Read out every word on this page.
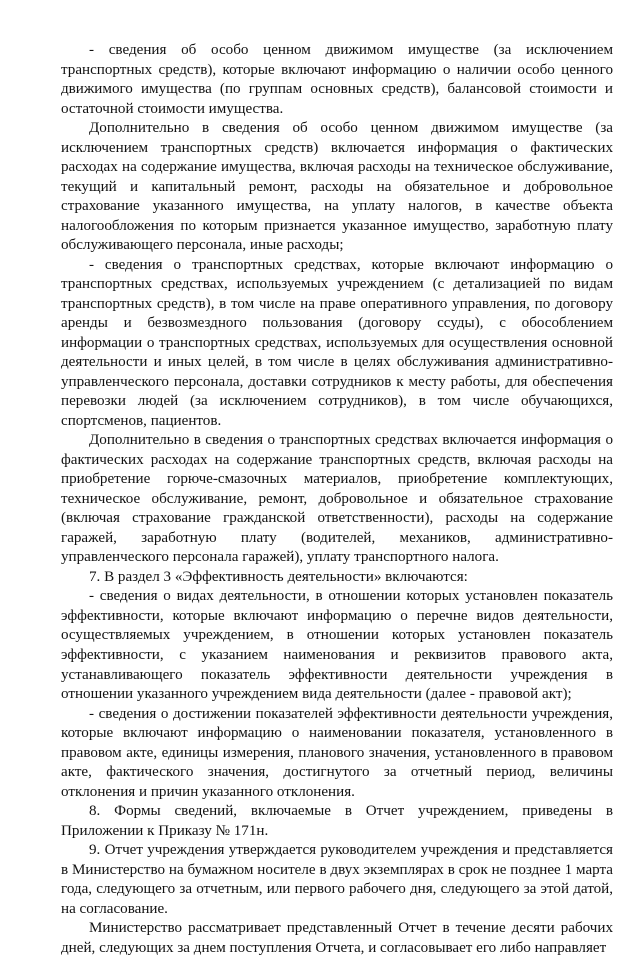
- сведения об особо ценном движимом имуществе (за исключением транспортных средств), которые включают информацию о наличии особо ценного движимого имущества (по группам основных средств), балансовой стоимости и остаточной стоимости имущества.

Дополнительно в сведения об особо ценном движимом имуществе (за исключением транспортных средств) включается информация о фактических расходах на содержание имущества, включая расходы на техническое обслуживание, текущий и капитальный ремонт, расходы на обязательное и добровольное страхование указанного имущества, на уплату налогов, в качестве объекта налогообложения по которым признается указанное имущество, заработную плату обслуживающего персонала, иные расходы;

- сведения о транспортных средствах, которые включают информацию о транспортных средствах, используемых учреждением (с детализацией по видам транспортных средств), в том числе на праве оперативного управления, по договору аренды и безвозмездного пользования (договору ссуды), с обособлением информации о транспортных средствах, используемых для осуществления основной деятельности и иных целей, в том числе в целях обслуживания административно-управленческого персонала, доставки сотрудников к месту работы, для обеспечения перевозки людей (за исключением сотрудников), в том числе обучающихся, спортсменов, пациентов.

Дополнительно в сведения о транспортных средствах включается информация о фактических расходах на содержание транспортных средств, включая расходы на приобретение горюче-смазочных материалов, приобретение комплектующих, техническое обслуживание, ремонт, добровольное и обязательное страхование (включая страхование гражданской ответственности), расходы на содержание гаражей, заработную плату (водителей, механиков, административно-управленческого персонала гаражей), уплату транспортного налога.

7. В раздел 3 «Эффективность деятельности» включаются:

- сведения о видах деятельности, в отношении которых установлен показатель эффективности, которые включают информацию о перечне видов деятельности, осуществляемых учреждением, в отношении которых установлен показатель эффективности, с указанием наименования и реквизитов правового акта, устанавливающего показатель эффективности деятельности учреждения в отношении указанного учреждением вида деятельности (далее - правовой акт);

- сведения о достижении показателей эффективности деятельности учреждения, которые включают информацию о наименовании показателя, установленного в правовом акте, единицы измерения, планового значения, установленного в правовом акте, фактического значения, достигнутого за отчетный период, величины отклонения и причин указанного отклонения.

8. Формы сведений, включаемые в Отчет учреждением, приведены в Приложении к Приказу № 171н.

9. Отчет учреждения утверждается руководителем учреждения и представляется в Министерство на бумажном носителе в двух экземплярах в срок не позднее 1 марта года, следующего за отчетным, или первого рабочего дня, следующего за этой датой, на согласование.

Министерство рассматривает представленный Отчет в течение десяти рабочих дней, следующих за днем поступления Отчета, и согласовывает его либо направляет
